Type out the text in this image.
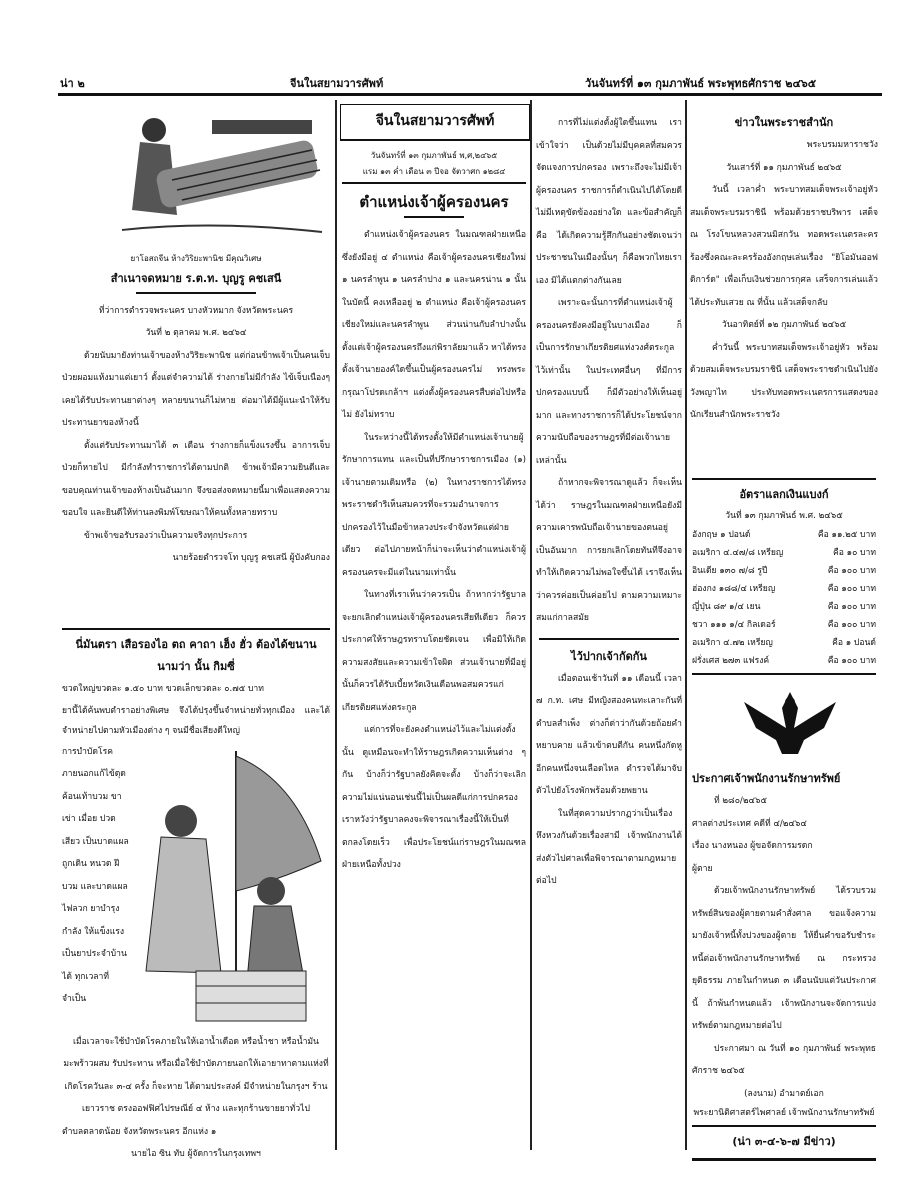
น่า ๒	จีนในสยามวารศัพท์	วันจันทร์ที่ ๑๓ กุมภาพันธ์ พระพุทธศักราช ๒๔๖๕
ยาโอสถจีน ห้างวิริยะพานิช มีคุณวิเศษ
สำเนาจดหมาย ร.ต.ท. บุญรู คชเสนี
ที่ว่าการตำรวจพระนคร บางหัวหมาก จังหวัดพระนคร
วันที่ ๒ ตุลาคม พ.ศ. ๒๔๖๔

ด้วยนับมายังท่านเจ้าของห้างวิริยะพานิช แต่ก่อนข้าพเจ้าเป็นคนเจ็บป่วยผอมแห้งมาแต่เยาว์ ตั้งแต่จำความได้ ร่างกายไม่มีกำลัง ไข้เจ็บเนืองๆ เคยได้รับประทานยาต่างๆ หลายขนานก็ไม่หาย ต่อมาได้มีผู้แนะนำให้รับประทานยาของห้างนี้

ตั้งแต่รับประทานมาได้ ๓ เดือน ร่างกายก็แข็งแรงขึ้น อาการเจ็บป่วยก็หายไป มีกำลังทำราชการได้ตามปกติ ข้าพเจ้ามีความยินดีและขอบคุณท่านเจ้าของห้างเป็นอันมาก จึงขอส่งจดหมายนี้มาเพื่อแสดงความขอบใจ และยินดีให้ท่านลงพิมพ์โฆษณาให้คนทั้งหลายทราบ

ข้าพเจ้าขอรับรองว่าเป็นความจริงทุกประการ

นายร้อยตำรวจโท บุญรู คชเสนี ผู้บังคับกอง

นี่มันตรา เสือรองไอ ตถ คาถา เฮ็ง ฮั่ว ต้องได้ขนาน
นามว่า นั้น กิมซี่
ขวดใหญ่ขวดละ ๑.๕๐ บาท ขวดเล็กขวดละ ๐.๗๕ บาท
ยานี้ได้ค้นพบตำราอย่างพิเศษ จึงได้ปรุงขึ้นจำหน่ายทั่วทุกเมือง และได้จำหน่ายไปตามหัวเมืองต่าง ๆ จนมีชื่อเสียงดีใหญ่
การบำบัดโรคภายนอกแก้ไข้ดุด ค้อนเท้าบวม ขาเข่า เมื่อย ปวดเสียว เป็นบาดแผล ถูกเดิน หนวด ฝีบวม และบาดแผลไฟลวก ยาบำรุงกำลัง ให้แข็งแรง เป็นยาประจำบ้านได้ ทุกเวลาที่จำเป็น
เมื่อเวลาจะใช้บำบัดโรคภายในให้เอาน้ำเดือด หรือน้ำชา หรือน้ำมันมะพร้าวผสม รับประทาน หรือเมื่อใช้บำบัดภายนอกให้เอายาทาตามแห่งที่เกิดโรควันละ ๓-๔ ครั้ง ก็จะหาย ได้ตามประสงค์ มีจำหน่ายในกรุงฯ ร้านเยาวราช ตรงออฟฟิศไปรษณีย์ ๔ ห้าง และทุกร้านขายยาทั่วไป
ตำบลตลาดน้อย จังหวัดพระนคร อีกแห่ง ๑
นายไอ ซิน ทับ ผู้จัดการในกรุงเทพฯ
จีนในสยามวารศัพท์
วันจันทร์ที่ ๑๓ กุมภาพันธ์ พ,ศ,๒๔๖๕
แรม ๑๓ ค่ำ เดือน ๓ ปีจอ จัตวาศก ๑๒๘๔
ตำแหน่งเจ้าผู้ครองนคร

ตำแหน่งเจ้าผู้ครองนคร ในมณฑลฝ่ายเหนือซึ่งยังมีอยู่ ๔ ตำแหน่ง คือเจ้าผู้ครองนครเชียงใหม่ ๑ นครลำพูน ๑ นครลำปาง ๑ และนครน่าน ๑ นั้น ในบัดนี้ คงเหลืออยู่ ๒ ตำแหน่ง คือเจ้าผู้ครองนครเชียงใหม่และนครลำพูน ส่วนน่านกับลำปางนั้น ตั้งแต่เจ้าผู้ครองนครถึงแก่พิราลัยมาแล้ว หาได้ทรงตั้งเจ้านายองค์ใดขึ้นเป็นผู้ครองนครไม่ ทรงพระกรุณาโปรดเกล้าฯ แต่งตั้งผู้ครองนครสืบต่อไปหรือไม่ ยังไม่ทราบ

ในระหว่างนี้ได้ทรงตั้งให้มีตำแหน่งเจ้านายผู้รักษาการแทน และเป็นที่ปรึกษาราชการเมือง (๑) เจ้านายตามเดิมหรือ (๒) ในทางราชการได้ทรงพระราชดำริเห็นสมควรที่จะรวมอำนาจการปกครองไว้ในมือข้าหลวงประจำจังหวัดแต่ฝ่ายเดียว ต่อไปภายหน้าก็น่าจะเห็นว่าตำแหน่งเจ้าผู้ครองนครจะมีแต่ในนามเท่านั้น

ในทางที่เราเห็นว่าควรเป็น ถ้าหากว่ารัฐบาลจะยกเลิกตำแหน่งเจ้าผู้ครองนครเสียทีเดียว ก็ควรประกาศให้ราษฎรทราบโดยชัดเจน เพื่อมิให้เกิดความสงสัยและความเข้าใจผิด ส่วนเจ้านายที่มีอยู่นั้นก็ควรได้รับเบี้ยหวัดเงินเดือนพอสมควรแก่เกียรติยศแห่งตระกูล

แต่การที่จะยังคงตำแหน่งไว้และไม่แต่งตั้งนั้น ดูเหมือนจะทำให้ราษฎรเกิดความเห็นต่าง ๆ กัน บ้างก็ว่ารัฐบาลยังคิดจะตั้ง บ้างก็ว่าจะเลิก ความไม่แน่นอนเช่นนี้ไม่เป็นผลดีแก่การปกครอง เราหวังว่ารัฐบาลคงจะพิจารณาเรื่องนี้ให้เป็นที่ตกลงโดยเร็ว เพื่อประโยชน์แก่ราษฎรในมณฑลฝ่ายเหนือทั้งปวง

การที่ไม่แต่งตั้งผู้ใดขึ้นแทน เราเข้าใจว่า เป็นด้วยไม่มีบุคคลที่สมควร จัดแจงการปกครอง เพราะถึงจะไม่มีเจ้าผู้ครองนคร ราชการก็ดำเนินไปได้โดยดี ไม่มีเหตุขัดข้องอย่างใด และข้อสำคัญก็คือ ได้เกิดความรู้สึกกันอย่างชัดเจนว่า ประชาชนในเมืองนั้นๆ ก็คือพวกไทยเราเอง มิได้แตกต่างกันเลย

เพราะฉะนั้นการที่ตำแหน่งเจ้าผู้ครองนครยังคงมีอยู่ในบางเมือง ก็เป็นการรักษาเกียรติยศแห่งวงศ์ตระกูลไว้เท่านั้น ในประเทศอื่นๆ ที่มีการปกครองแบบนี้ ก็มีตัวอย่างให้เห็นอยู่มาก และทางราชการก็ได้ประโยชน์จากความนับถือของราษฎรที่มีต่อเจ้านายเหล่านั้น

ถ้าหากจะพิจารณาดูแล้ว ก็จะเห็นได้ว่า ราษฎรในมณฑลฝ่ายเหนือยังมีความเคารพนับถือเจ้านายของตนอยู่เป็นอันมาก การยกเลิกโดยทันทีจึงอาจทำให้เกิดความไม่พอใจขึ้นได้ เราจึงเห็นว่าควรค่อยเป็นค่อยไป ตามความเหมาะสมแก่กาลสมัย

ไว้ปากเจ้ากัดกัน

เมื่อตอนเช้าวันที่ ๑๑ เดือนนี้ เวลา ๗ ก.ท. เศษ มีหญิงสองคนทะเลาะกันที่ตำบลสำเพ็ง ต่างก็ด่าว่ากันด้วยถ้อยคำหยาบคาย แล้วเข้าตบตีกัน คนหนึ่งกัดหูอีกคนหนึ่งจนเลือดไหล ตำรวจได้มาจับตัวไปยังโรงพักพร้อมด้วยพยาน

ในที่สุดความปรากฏว่าเป็นเรื่องหึงหวงกันด้วยเรื่องสามี เจ้าพนักงานได้ส่งตัวไปศาลเพื่อพิจารณาตามกฎหมายต่อไป

ข่าวในพระราชสำนัก
พระบรมมหาราชวัง
วันเสาร์ที่ ๑๑ กุมภาพันธ์ ๒๔๖๕

วันนี้ เวลาค่ำ พระบาทสมเด็จพระเจ้าอยู่หัว สมเด็จพระบรมราชินี พร้อมด้วยราชบริพาร เสด็จ ณ โรงโขนหลวงสวนมิสกวัน ทอดพระเนตรละครร้องซึ่งคณะละครร้องอังกฤษเล่นเรื่อง "ยิโอมันออฟ ดิการ์ด" เพื่อเก็บเงินช่วยการกุศล เสร็จการเล่นแล้ว ได้ประทับเสวย ณ ที่นั้น แล้วเสด็จกลับ

วันอาทิตย์ที่ ๑๒ กุมภาพันธ์ ๒๔๖๕

ค่ำวันนี้ พระบาทสมเด็จพระเจ้าอยู่หัว พร้อมด้วยสมเด็จพระบรมราชินี เสด็จพระราชดำเนินไปยังวังพญาไท ประทับทอดพระเนตรการแสดงของนักเรียนสำนักพระราชวัง

อัตราแลกเงินแบงก์
วันที่ ๑๓ กุมภาพันธ์ พ.ศ. ๒๔๖๕
อังกฤษ ๑ ปอนด์	คือ ๑๑.๒๕ บาท
อเมริกา ๔.๔๗/๘ เหรียญ	คือ ๑๐ บาท
อินเดีย ๑๓๐ ๗/๘ รูปี	คือ ๑๐๐ บาท
ฮ่องกง ๑๘๘/๔ เหรียญ	คือ ๑๐๐ บาท
ญี่ปุ่น ๘๙ ๑/๔ เยน	คือ ๑๐๐ บาท
ชวา ๑๑๑ ๑/๔ กิลเดอร์	คือ ๑๐๐ บาท
อเมริกา ๔.๗๒ เหรียญ	คือ ๑ ปอนด์
ฝรั่งเศส ๒๗๓ แฟรงค์	คือ ๑๐๐ บาท
ประกาศเจ้าพนักงานรักษาทรัพย์
ที่ ๒๘๐/๒๔๖๕
ศาลต่างประเทศ คดีที่ ๔/๒๔๖๔
เรื่อง นางหนอง ผู้ขอจัดการมรดก
ผู้ตาย

ด้วยเจ้าพนักงานรักษาทรัพย์ ได้รวบรวมทรัพย์สินของผู้ตายตามคำสั่งศาล ขอแจ้งความมายังเจ้าหนี้ทั้งปวงของผู้ตาย ให้ยื่นคำขอรับชำระหนี้ต่อเจ้าพนักงานรักษาทรัพย์ ณ กระทรวงยุติธรรม ภายในกำหนด ๓ เดือนนับแต่วันประกาศนี้ ถ้าพ้นกำหนดแล้ว เจ้าพนักงานจะจัดการแบ่งทรัพย์ตามกฎหมายต่อไป

ประกาศมา ณ วันที่ ๑๐ กุมภาพันธ์ พระพุทธศักราช ๒๔๖๕

(ลงนาม) อำมาตย์เอก
พระยานิติศาสตร์ไพศาลย์ เจ้าพนักงานรักษาทรัพย์
(น่า ๓-๔-๖-๗ มีข่าว)
